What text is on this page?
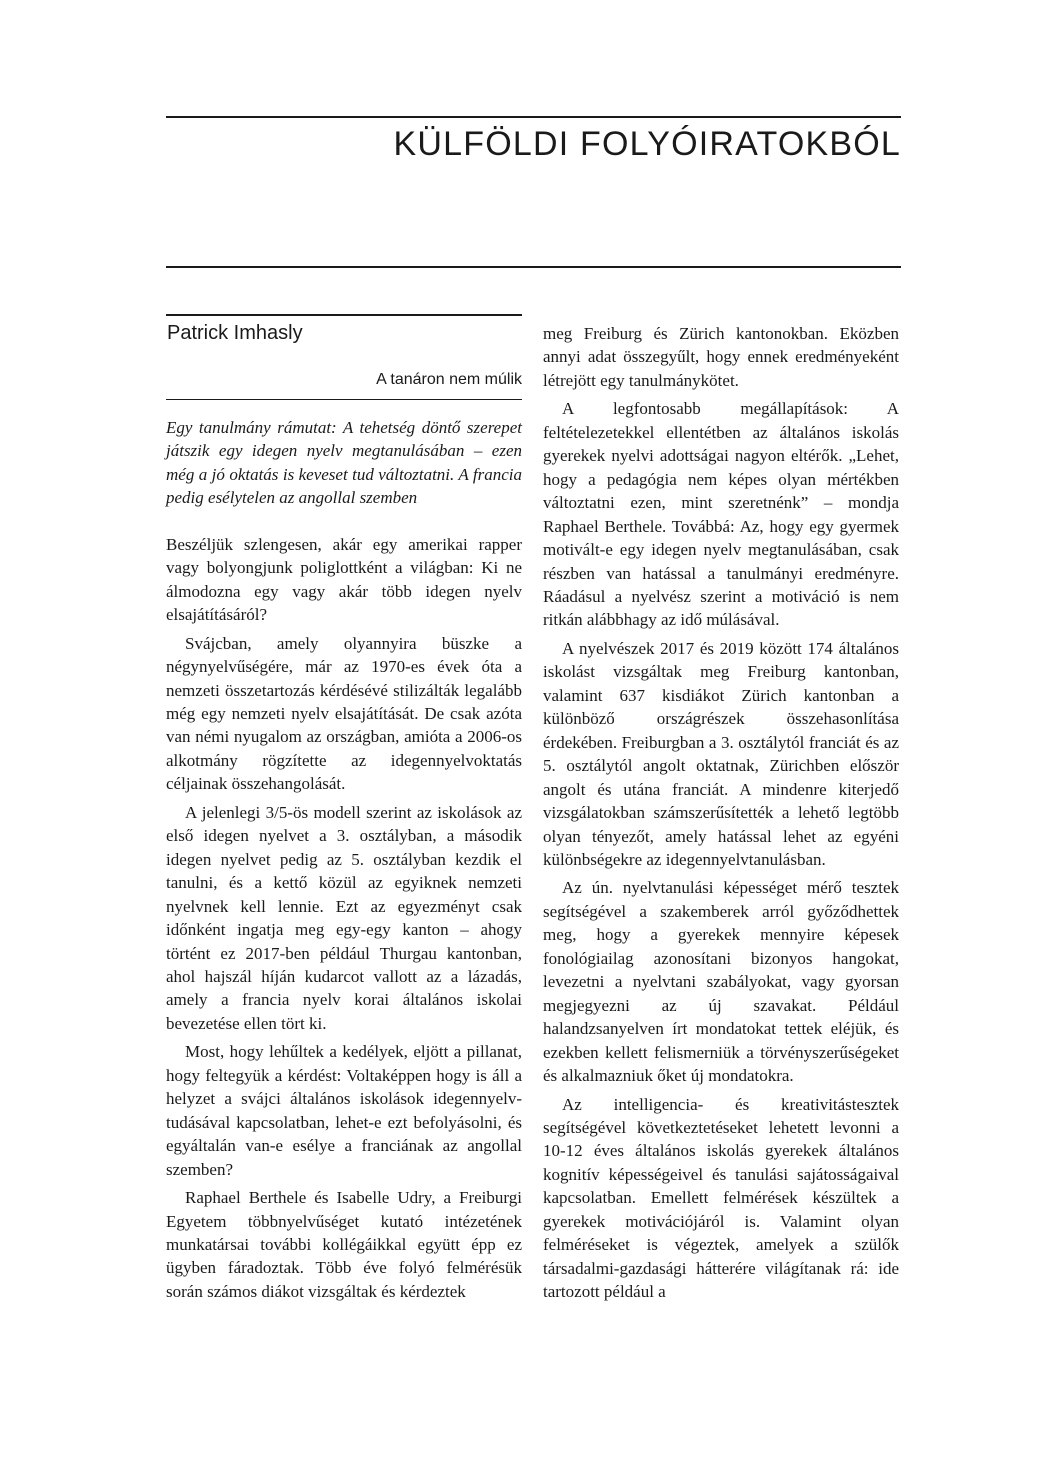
KÜLFÖLDI FOLYÓIRATOKBÓL
Patrick Imhasly
A tanáron nem múlik

Egy tanulmány rámutat: A tehetség döntő szerepet játszik egy idegen nyelv megtanulásában – ezen még a jó oktatás is keveset tud változtatni. A francia pedig esélytelen az angollal szemben

Beszéljük szlengesen, akár egy amerikai rapper vagy bolyongjunk poliglottként a világban: Ki ne álmodozna egy vagy akár több idegen nyelv elsajátításáról?

Svájcban, amely olyannyira büszke a négynyelvűségére, már az 1970-es évek óta a nemzeti összetartozás kérdésévé stilizálták legalább még egy nemzeti nyelv elsajátítását. De csak azóta van némi nyugalom az országban, amióta a 2006-os alkotmány rögzítette az idegennyelvoktatás céljainak összehangolását.

A jelenlegi 3/5-ös modell szerint az iskolások az első idegen nyelvet a 3. osztályban, a második idegen nyelvet pedig az 5. osztályban kezdik el tanulni, és a kettő közül az egyiknek nemzeti nyelvnek kell lennie. Ezt az egyezményt csak időnként ingatja meg egy-egy kanton – ahogy történt ez 2017-ben például Thurgau kantonban, ahol hajszál híján kudarcot vallott az a lázadás, amely a francia nyelv korai általános iskolai bevezetése ellen tört ki.

Most, hogy lehűltek a kedélyek, eljött a pillanat, hogy feltegyük a kérdést: Voltaképpen hogy is áll a helyzet a svájci általános iskolások idegennyelv-tudásával kapcsolatban, lehet-e ezt befolyásolni, és egyáltalán van-e esélye a franciának az angollal szemben?

Raphael Berthele és Isabelle Udry, a Freiburgi Egyetem többnyelvűséget kutató intézetének munkatársai további kollégáikkal együtt épp ez ügyben fáradoztak. Több éve folyó felmérésük során számos diákot vizsgáltak és kérdeztek

meg Freiburg és Zürich kantonokban. Eközben annyi adat összegyűlt, hogy ennek eredményeként létrejött egy tanulmánykötet.

A legfontosabb megállapítások: A feltételezetekkel ellentétben az általános iskolás gyerekek nyelvi adottságai nagyon eltérők. „Lehet, hogy a pedagógia nem képes olyan mértékben változtatni ezen, mint szeretnénk” – mondja Raphael Berthele. Továbbá: Az, hogy egy gyermek motivált-e egy idegen nyelv megtanulásában, csak részben van hatással a tanulmányi eredményre. Ráadásul a nyelvész szerint a motiváció is nem ritkán alábbhagy az idő múlásával.

A nyelvészek 2017 és 2019 között 174 általános iskolást vizsgáltak meg Freiburg kantonban, valamint 637 kisdiákot Zürich kantonban a különböző országrészek összehasonlítása érdekében. Freiburgban a 3. osztálytól franciát és az 5. osztálytól angolt oktatnak, Zürichben először angolt és utána franciát. A mindenre kiterjedő vizsgálatokban számszerűsítették a lehető legtöbb olyan tényezőt, amely hatással lehet az egyéni különbségekre az idegennyelvtanulásban.

Az ún. nyelvtanulási képességet mérő tesztek segítségével a szakemberek arról győződhettek meg, hogy a gyerekek mennyire képesek fonológiailag azonosítani bizonyos hangokat, levezetni a nyelvtani szabályokat, vagy gyorsan megjegyezni az új szavakat. Például halandzsanyelven írt mondatokat tettek eléjük, és ezekben kellett felismerniük a törvényszerűségeket és alkalmazniuk őket új mondatokra.

Az intelligencia- és kreativitástesztek segítségével következtetéseket lehetett levonni a 10-12 éves általános iskolás gyerekek általános kognitív képességeivel és tanulási sajátosságaival kapcsolatban. Emellett felmérések készültek a gyerekek motivációjáról is. Valamint olyan felméréseket is végeztek, amelyek a szülők társadalmi-gazdasági hátterére világítanak rá: ide tartozott például a
